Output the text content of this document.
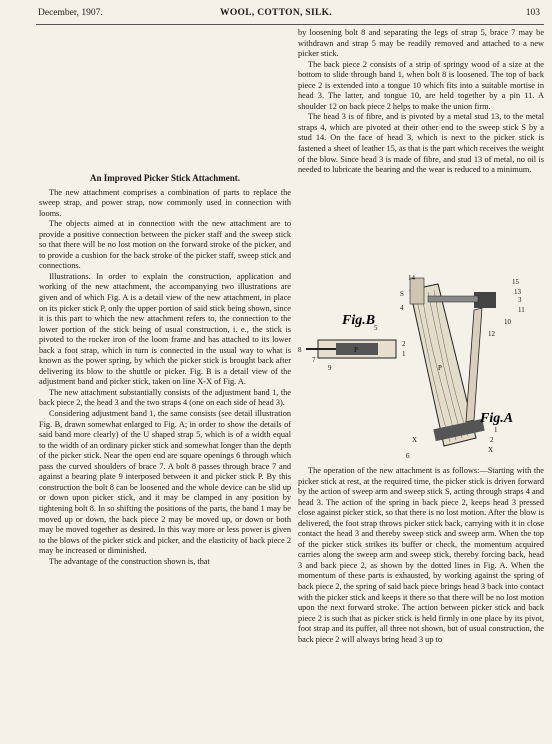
December, 1907.	WOOL, COTTON, SILK.	103

An Improved Picker Stick Attachment.

The new attachment comprises a combination of parts to replace the sweep strap, and power strap, now commonly used in connection with looms.

The objects aimed at in connection with the new attachment are to provide a positive connection between the picker staff and the sweep stick so that there will be no lost motion on the forward stroke of the picker, and to provide a cushion for the back stroke of the picker staff, sweep stick and connections.

Illustrations. In order to explain the construction, application and working of the new attachment, the accompanying two illustrations are given and of which Fig. A is a detail view of the new attachment, in place on its picker stick P, only the upper portion of said stick being shown, since it is this part to which the new attachment refers to, the connection to the lower portion of the stick being of usual construction, i. e., the stick is pivoted to the rocker iron of the loom frame and has attached to its lower back a foot strap, which in turn is connected in the usual way to what is known as the power spring, by which the picker stick is brought back after delivering its blow to the shuttle or picker. Fig. B is a detail view of the adjustment band and picker stick, taken on line X-X of Fig. A.

The new attachment substantially consists of the adjustment band 1, the back piece 2, the head 3 and the two straps 4 (one on each side of head 3).

Considering adjustment band 1, the same consists (see detail illustration Fig. B, drawn somewhat enlarged to Fig. A; in order to show the details of said band more clearly) of the U shaped strap 5, which is of a width equal to the width of an ordinary picker stick and somewhat longer than the depth of the picker stick. Near the open end are square openings 6 through which pass the curved shoulders of brace 7. A bolt 8 passes through brace 7 and against a bearing plate 9 interposed between it and picker stick P. By this construction the bolt 8 can be loosened and the whole device can be slid up or down upon picker stick, and it may be clamped in any position by tightening bolt 8. In so shifting the positions of the parts, the band 1 may be moved up or down, the back piece 2 may be moved up, or down or both may be moved together as desired. In this way more or less power is given to the blows of the picker stick and picker, and the elasticity of back piece 2 may be increased or diminished.

The advantage of the construction shown is, that

by loosening bolt 8 and separating the legs of strap 5, brace 7 may be withdrawn and strap 5 may be readily removed and attached to a new picker stick.

The back piece 2 consists of a strip of springy wood of a size at the bottom to slide through band 1, when bolt 8 is loosened. The top of back piece 2 is extended into a tongue 10 which fits into a suitable mortise in head 3. The latter, and tongue 10, are held together by a pin 11. A shoulder 12 on back piece 2 helps to make the union firm.

The head 3 is of fibre, and is pivoted by a metal stud 13, to the metal straps 4, which are pivoted at their other end to the sweep stick S by a stud 14. On the face of head 3, which is next to the picker stick is fastened a sheet of leather 15, as that is the part which receives the weight of the blow. Since head 3 is made of fibre, and stud 13 of metal, no oil is needed to lubricate the bearing and the wear is reduced to a minimum.

Fig.A
Fig.B
5
2
1
8
7
9
P
14	15
13
3
11
10
12
4
S
P
2
X
X
6
1

The operation of the new attachment is as follows:—Starting with the picker stick at rest, at the required time, the picker stick is driven forward by the action of sweep arm and sweep stick S, acting through straps 4 and head 3. The action of the spring in back piece 2, keeps head 3 pressed close against picker stick, so that there is no lost motion. After the blow is delivered, the foot strap throws picker stick back, carrying with it in close contact the head 3 and thereby sweep stick and sweep arm. When the top of the picker stick strikes its buffer or check, the momentum acquired carries along the sweep arm and sweep stick, thereby forcing back, head 3 and back piece 2, as shown by the dotted lines in Fig. A. When the momentum of these parts is exhausted, by working against the spring of back piece 2, the spring of said back piece brings head 3 back into contact with the picker stick and keeps it there so that there will be no lost motion upon the next forward stroke. The action between picker stick and back piece 2 is such that as picker stick is held firmly in one place by its pivot, foot strap and its puffer, all three not shown, but of usual construction, the back piece 2 will always bring head 3 up to
